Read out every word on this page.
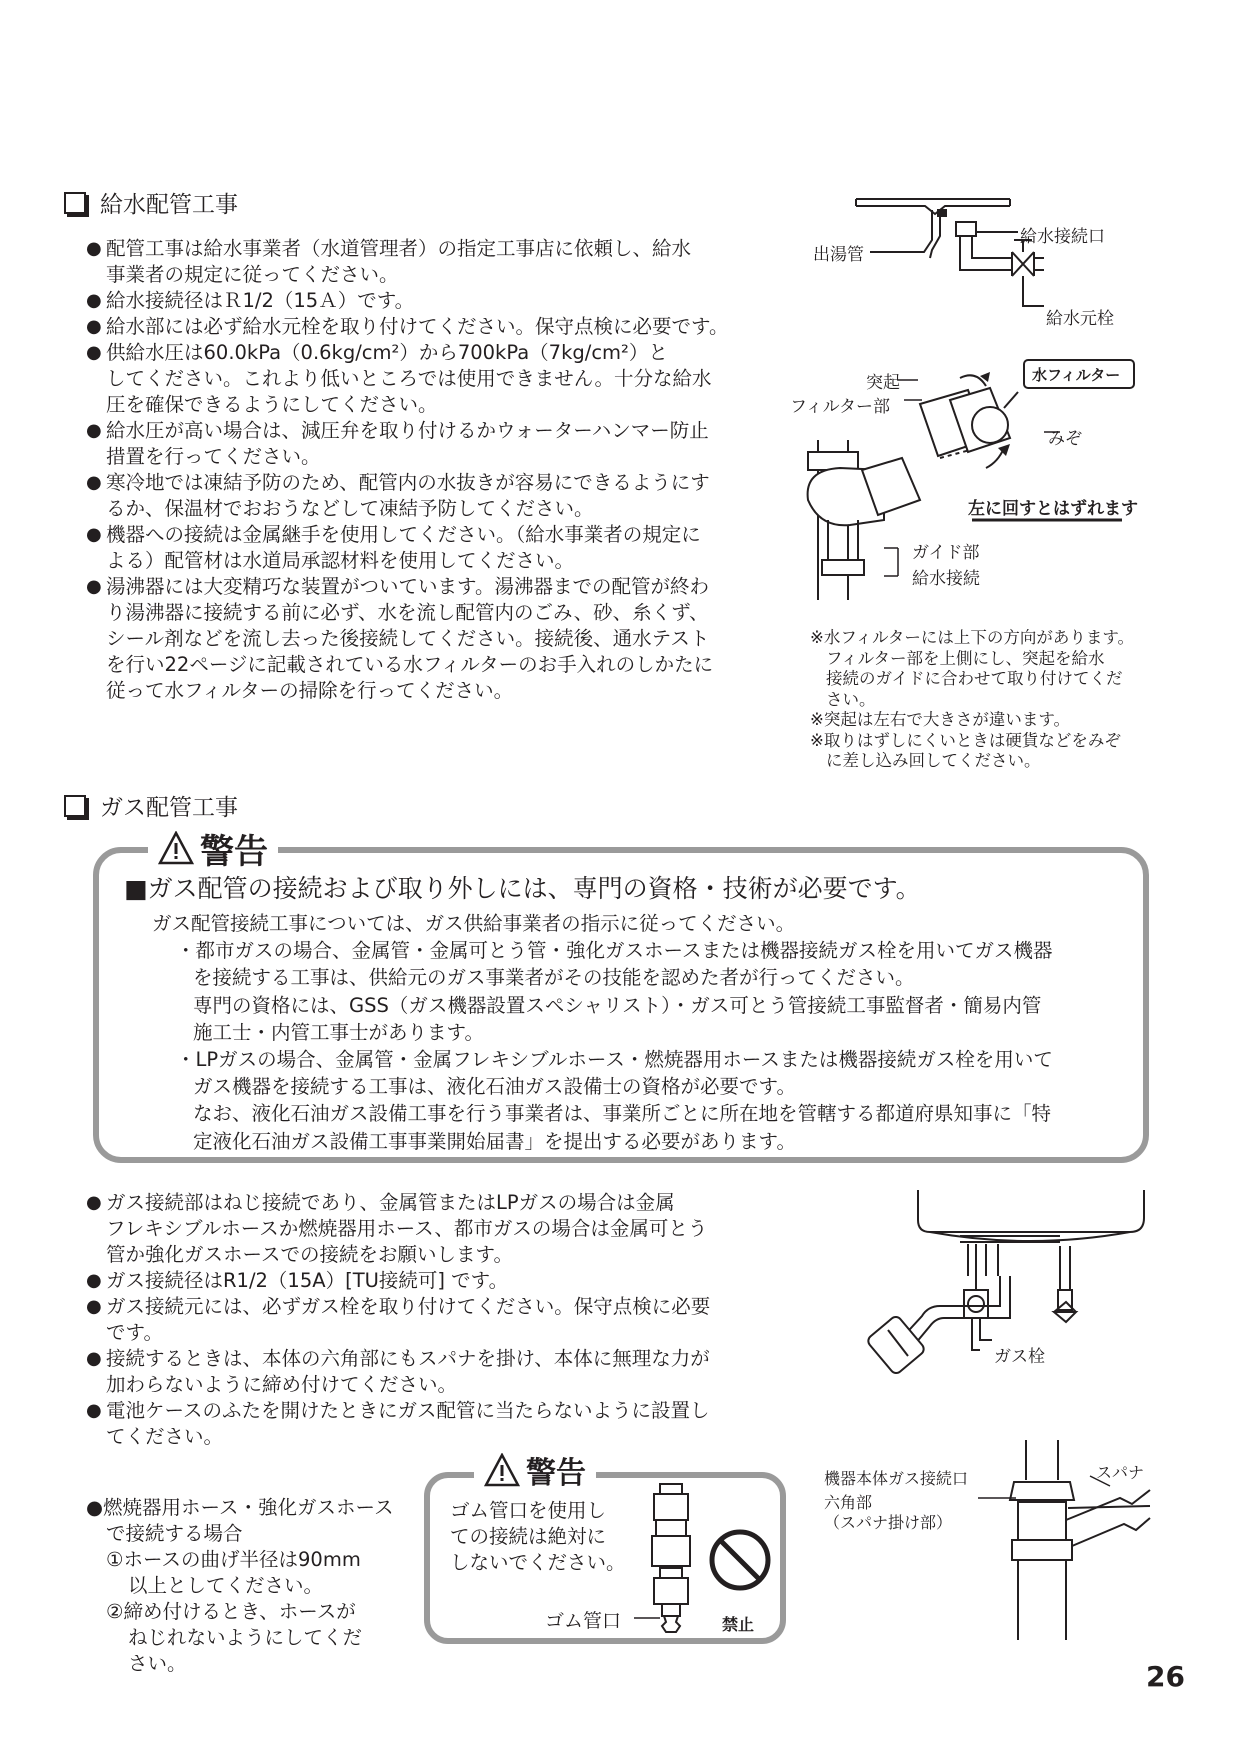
給水配管工事
● 配管工事は給水事業者（水道管理者）の指定工事店に依頼し、給水
事業者の規定に従ってください。
● 給水接続径はＲ1/2（15Ａ）です。
● 給水部には必ず給水元栓を取り付けてください。保守点検に必要です。
● 供給水圧は60.0kPa（0.6kg/cm²）から700kPa（7kg/cm²）と
してください。これより低いところでは使用できません。十分な給水
圧を確保できるようにしてください。
● 給水圧が高い場合は、減圧弁を取り付けるかウォーターハンマー防止
措置を行ってください。
● 寒冷地では凍結予防のため、配管内の水抜きが容易にできるようにす
るか、保温材でおおうなどして凍結予防してください。
● 機器への接続は金属継手を使用してください。（給水事業者の規定に
よる）配管材は水道局承認材料を使用してください。
● 湯沸器には大変精巧な装置がついています。湯沸器までの配管が終わ
り湯沸器に接続する前に必ず、水を流し配管内のごみ、砂、糸くず、
シール剤などを流し去った後接続してください。接続後、通水テスト
を行い22ページに記載されている水フィルターのお手入れのしかたに
従って水フィルターの掃除を行ってください。
出湯管
給水接続口
給水元栓
水フィルター
突起
フィルター部
みぞ
左に回すとはずれます
ガイド部
給水接続
※水フィルターには上下の方向があります。
フィルター部を上側にし、突起を給水
接続のガイドに合わせて取り付けてくだ
さい。
※突起は左右で大きさが違います。
※取りはずしにくいときは硬貨などをみぞ
に差し込み回してください。
ガス配管工事
警告
■ガス配管の接続および取り外しには、専門の資格・技術が必要です。
ガス配管接続工事については、ガス供給事業者の指示に従ってください。
・都市ガスの場合、金属管・金属可とう管・強化ガスホースまたは機器接続ガス栓を用いてガス機器
を接続する工事は、供給元のガス事業者がその技能を認めた者が行ってください。
専門の資格には、GSS（ガス機器設置スペシャリスト）・ガス可とう管接続工事監督者・簡易内管
施工士・内管工事士があります。
・LPガスの場合、金属管・金属フレキシブルホース・燃焼器用ホースまたは機器接続ガス栓を用いて
ガス機器を接続する工事は、液化石油ガス設備士の資格が必要です。
なお、液化石油ガス設備工事を行う事業者は、事業所ごとに所在地を管轄する都道府県知事に「特
定液化石油ガス設備工事事業開始届書」を提出する必要があります。
● ガス接続部はねじ接続であり、金属管またはLPガスの場合は金属
フレキシブルホースか燃焼器用ホース、都市ガスの場合は金属可とう
管か強化ガスホースでの接続をお願いします。
● ガス接続径はR1/2（15A）[TU接続可] です。
● ガス接続元には、必ずガス栓を取り付けてください。保守点検に必要
です。
● 接続するときは、本体の六角部にもスパナを掛け、本体に無理な力が
加わらないように締め付けてください。
● 電池ケースのふたを開けたときにガス配管に当たらないように設置し
てください。
ガス栓
●燃焼器用ホース・強化ガスホース
で接続する場合
①ホースの曲げ半径は90mm
以上としてください。
②締め付けるとき、ホースが
ねじれないようにしてくだ
さい。
警告
ゴム管口を使用し
ての接続は絶対に
しないでください。
ゴム管口	禁止
機器本体ガス接続口
六角部
（スパナ掛け部）
スパナ
26
